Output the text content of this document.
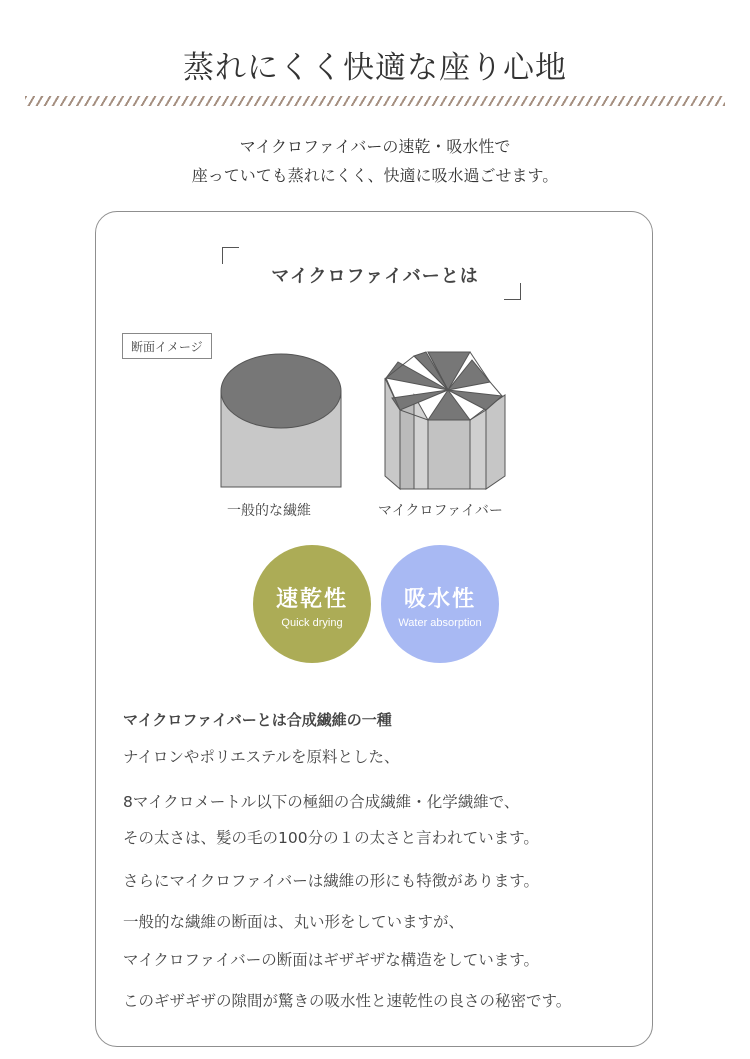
蒸れにくく快適な座り心地
マイクロファイバーの速乾・吸水性で
座っていても蒸れにくく、快適に吸水過ごせます。
マイクロファイバーとは
断面イメージ
一般的な繊維	マイクロファイバー
速乾性
Quick drying
吸水性
Water absorption
マイクロファイバーとは合成繊維の一種
ナイロンやポリエステルを原料とした、
8マイクロメートル以下の極細の合成繊維・化学繊維で、
その太さは、髪の毛の100分の１の太さと言われています。
さらにマイクロファイバーは繊維の形にも特徴があります。
一般的な繊維の断面は、丸い形をしていますが、
マイクロファイバーの断面はギザギザな構造をしています。
このギザギザの隙間が驚きの吸水性と速乾性の良さの秘密です。
